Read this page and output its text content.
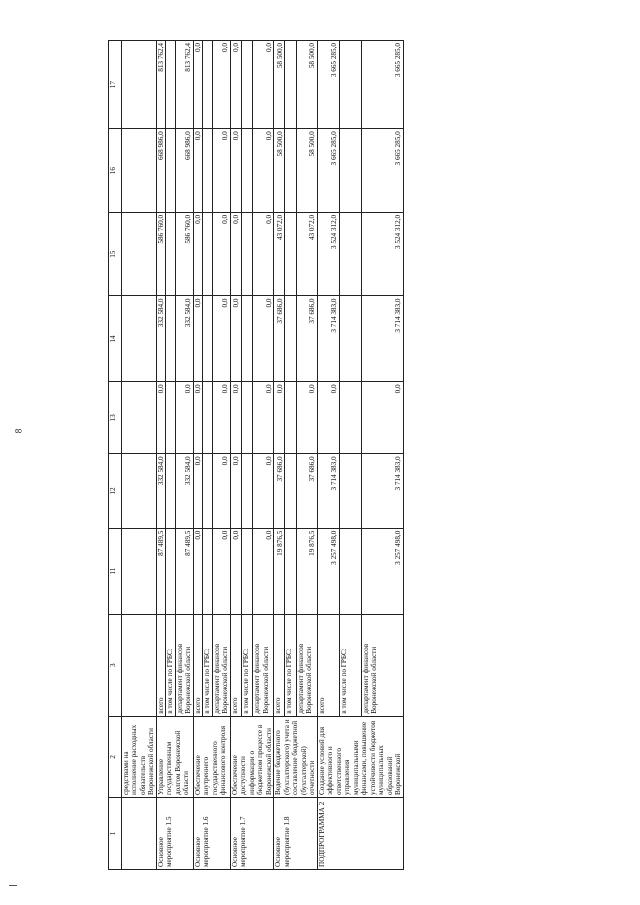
8
1	2	3	11	12	13	14	15	16	17
	средствами на исполнение расходных обязательств Воронежской области								
Основное мероприятие 1.5	Управление государственным долгом Воронежской области	всего	87 489,5	332 584,0	0,0	332 584,0	586 760,0	668 986,0	813 762,4
		в том числе по ГРБС:							
		департамент финансов Воронежской области	87 489,5	332 584,0	0,0	332 584,0	586 760,0	668 986,0	813 762,4
Основное мероприятие 1.6	Обеспечение внутреннего государственного финансового контроля	всего	0,0	0,0	0,0	0,0	0,0	0,0	0,0
		в том числе по ГРБС:							
		департамент финансов Воронежской области	0,0	0,0	0,0	0,0	0,0	0,0	0,0
Основное мероприятие 1.7	Обеспечение доступности информации о бюджетном процессе в Воронежской области	всего	0,0	0,0	0,0	0,0	0,0	0,0	0,0
		в том числе по ГРБС:							
		департамент финансов Воронежской области	0,0	0,0	0,0	0,0	0,0	0,0	0,0
Основное мероприятие 1.8	Ведение бюджетного (бухгалтерского) учета и составление бюджетной (бухгалтерской) отчетности	всего	19 876,5	37 686,0	0,0	37 686,0	43 072,0	58 500,0	58 500,0
		в том числе по ГРБС:							
		департамент финансов Воронежской области	19 876,5	37 686,0	0,0	37 686,0	43 072,0	58 500,0	58 500,0
ПОДПРОГРАММА 2	Создание условий для эффективного и ответственного управления муниципальными финансами, повышение устойчивости бюджетов муниципальных образований Воронежской	всего	3 257 498,0	3 714 383,0	0,0	3 714 383,0	3 524 312,0	3 665 285,0	3 665 285,0
		в том числе по ГРБС:							
		департамент финансов Воронежской области	3 257 498,0	3 714 383,0	0,0	3 714 383,0	3 524 312,0	3 665 285,0	3 665 285,0
